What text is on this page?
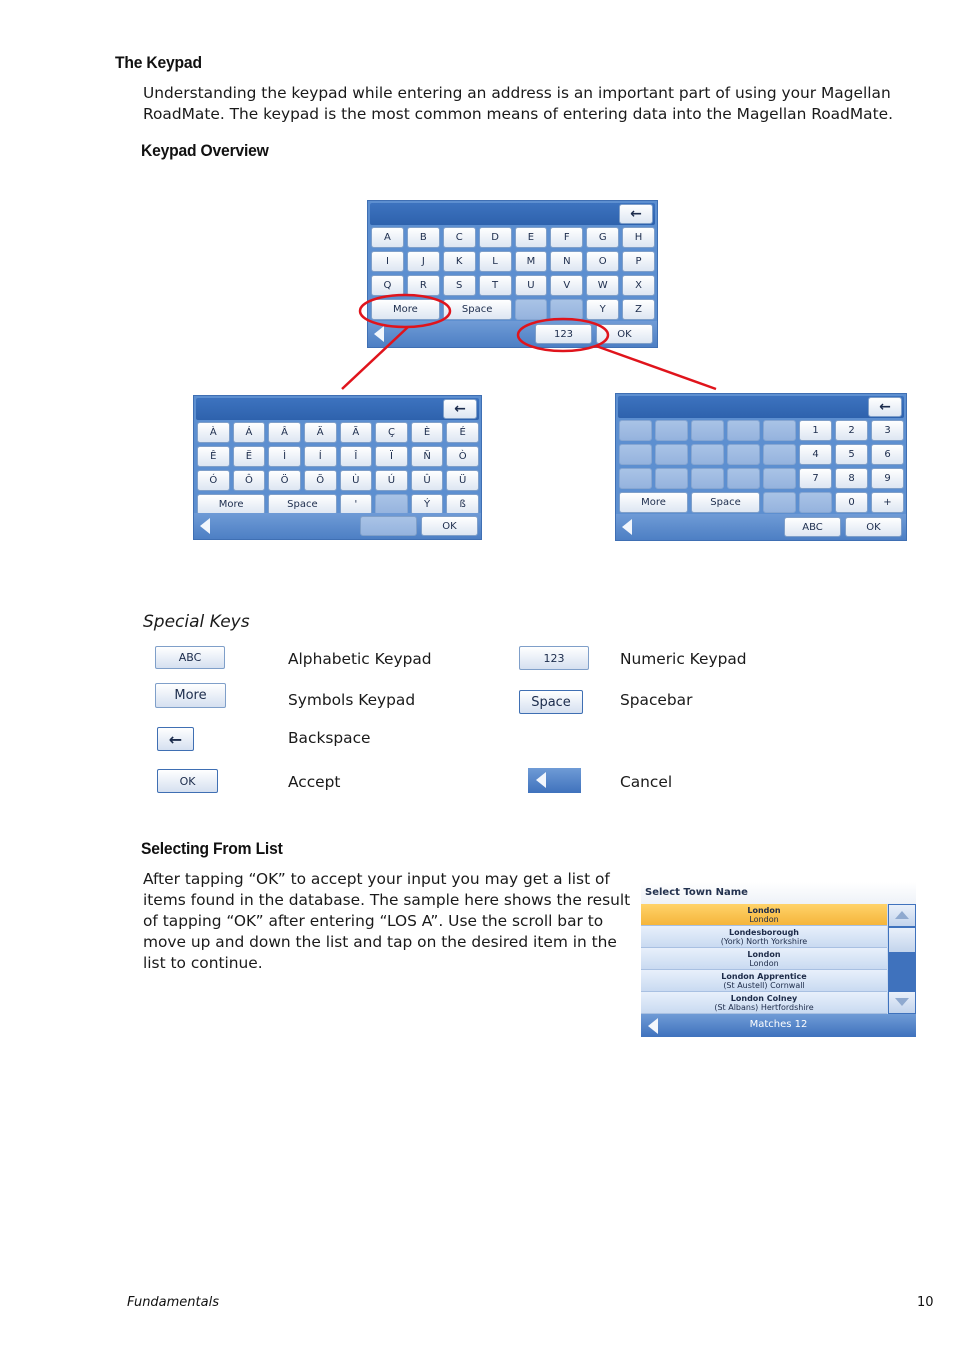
The Keypad
Understanding the keypad while entering an address is an important part of using your Magellan
RoadMate. The keypad is the most common means of entering data into the Magellan RoadMate.
Keypad Overview
←
A	B	C	D	E	F	G	H
I	J	K	L	M	N	O	P
Q	R	S	T	U	V	W	X
More	Space	Y	Z
123	OK
←
À	Á	Â	Ä	Ã	Ç	È	É
Ê	Ë	Ì	Í	Î	Ï	Ñ	Ò
Ó	Ô	Ö	Õ	Ù	Ú	Û	Ü
More	Space	'	Ý	ß
OK
←
1	2	3
4	5	6
7	8	9
More	Space	0	+
ABC	OK
Special Keys
ABC	Alphabetic Keypad	123	Numeric Keypad
More	Symbols Keypad	Space	Spacebar
←	Backspace
OK	Accept	Cancel
Selecting From List
After tapping “OK” to accept your input you may get a list of
items found in the database. The sample here shows the result
of tapping “OK” after entering “LOS A”. Use the scroll bar to
move up and down the list and tap on the desired item in the
list to continue.
Select Town Name
London
London
Londesborough
(York) North Yorkshire
London
London
London Apprentice
(St Austell) Cornwall
London Colney
(St Albans) Hertfordshire
Matches 12
Fundamentals	10
